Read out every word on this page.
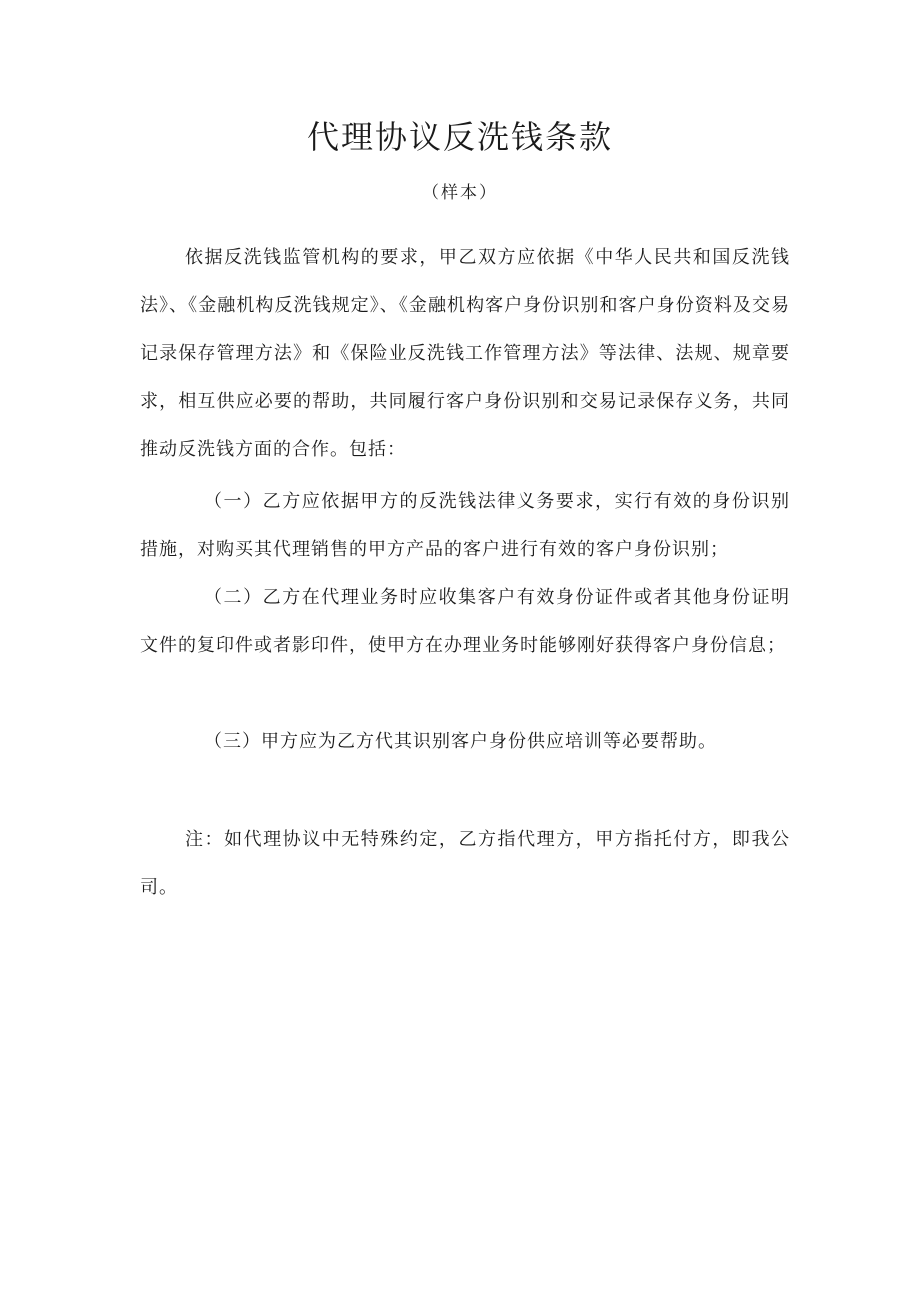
代理协议反洗钱条款

（样本）

依据反洗钱监管机构的要求，甲乙双方应依据《中华人民共和国反洗钱法》、《金融机构反洗钱规定》、《金融机构客户身份识别和客户身份资料及交易记录保存管理方法》和《保险业反洗钱工作管理方法》等法律、法规、规章要求，相互供应必要的帮助，共同履行客户身份识别和交易记录保存义务，共同推动反洗钱方面的合作。包括：

（一）乙方应依据甲方的反洗钱法律义务要求，实行有效的身份识别措施，对购买其代理销售的甲方产品的客户进行有效的客户身份识别；

（二）乙方在代理业务时应收集客户有效身份证件或者其他身份证明文件的复印件或者影印件，使甲方在办理业务时能够刚好获得客户身份信息；

（三）甲方应为乙方代其识别客户身份供应培训等必要帮助。

注：如代理协议中无特殊约定，乙方指代理方，甲方指托付方，即我公司。
